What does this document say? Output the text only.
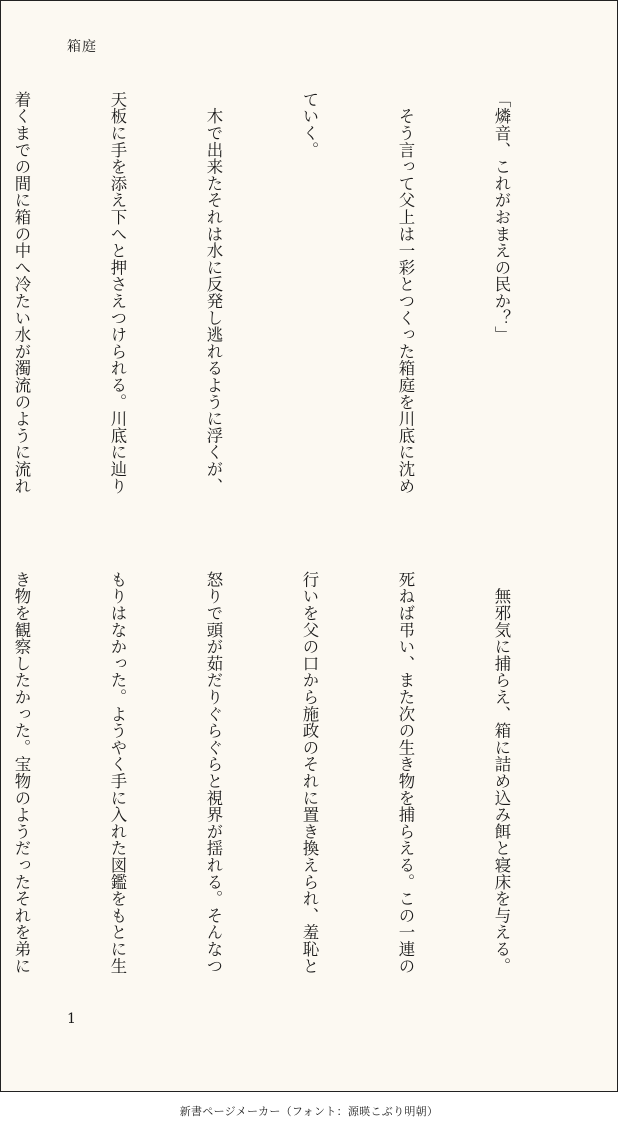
箱庭

「燐音、これがおまえの民か？」

　そう言って父上は一彩とつくった箱庭を川底に沈め

ていく。

　木で出来たそれは水に反発し逃れるように浮くが、

天板に手を添え下へと押さえつけられる。川底に辿り

着くまでの間に箱の中へ冷たい水が濁流のように流れ

　無邪気に捕らえ、箱に詰め込み餌と寝床を与える。

死ねば弔い、また次の生き物を捕らえる。この一連の

行いを父の口から施政のそれに置き換えられ、羞恥と

怒りで頭が茹だりぐらぐらと視界が揺れる。そんなつ

もりはなかった。ようやく手に入れた図鑑をもとに生

き物を観察したかった。宝物のようだったそれを弟に

1
新書ページメーカー（フォント：源暎こぶり明朝）
